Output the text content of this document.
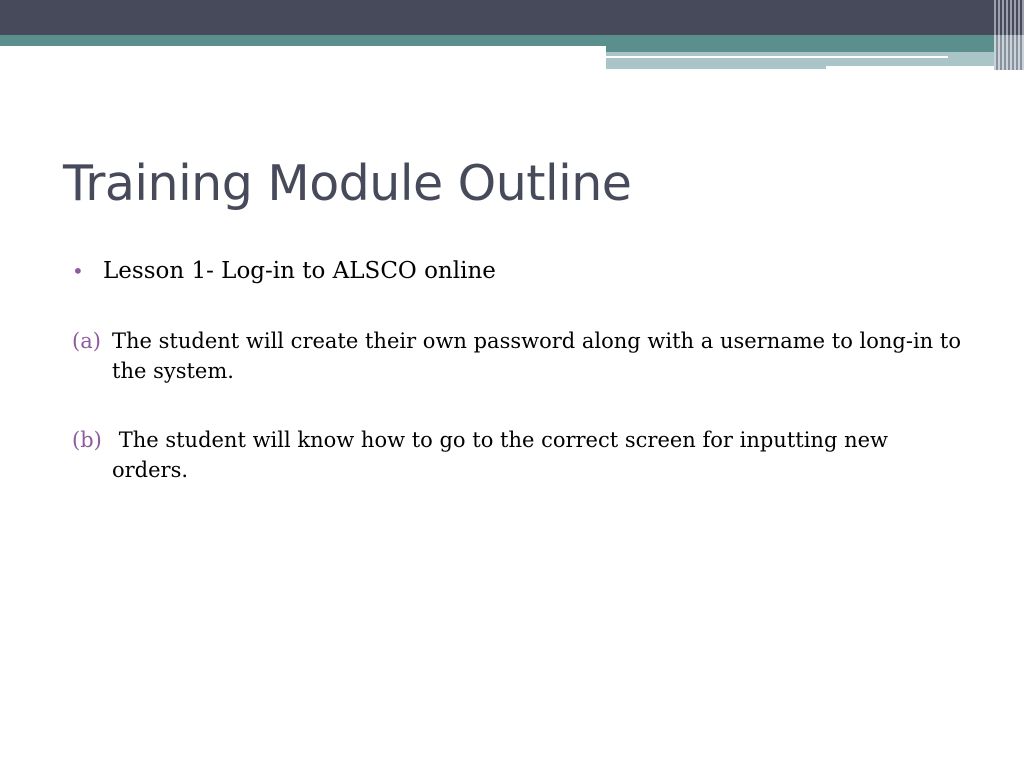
Training Module Outline
• Lesson 1- Log-in to ALSCO online
(a) The student will create their own password along with a username to long-in to the system.
(b) The student will know how to go to the correct screen for inputting new orders.
